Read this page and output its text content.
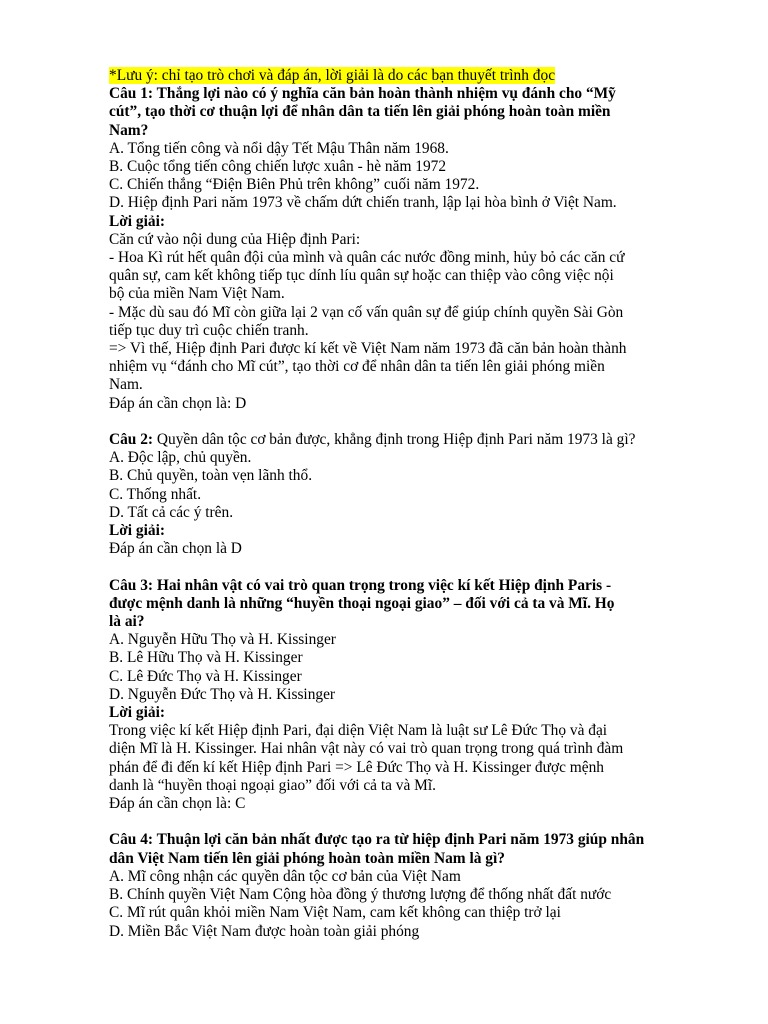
*Lưu ý: chỉ tạo trò chơi và đáp án, lời giải là do các bạn thuyết trình đọc
Câu 1: Thắng lợi nào có ý nghĩa căn bản hoàn thành nhiệm vụ đánh cho “Mỹ
cút”, tạo thời cơ thuận lợi để nhân dân ta tiến lên giải phóng hoàn toàn miền
Nam?
A. Tổng tiến công và nổi dậy Tết Mậu Thân năm 1968.
B. Cuộc tổng tiến công chiến lược xuân - hè năm 1972
C. Chiến thắng “Điện Biên Phủ trên không” cuối năm 1972.
D. Hiệp định Pari năm 1973 về chấm dứt chiến tranh, lập lại hòa bình ở Việt Nam.
Lời giải:
Căn cứ vào nội dung của Hiệp định Pari:
- Hoa Kì rút hết quân đội của mình và quân các nước đồng minh, hủy bỏ các căn cứ
quân sự, cam kết không tiếp tục dính líu quân sự hoặc can thiệp vào công việc nội
bộ của miền Nam Việt Nam.
- Mặc dù sau đó Mĩ còn giữa lại 2 vạn cố vấn quân sự để giúp chính quyền Sài Gòn
tiếp tục duy trì cuộc chiến tranh.
=> Vì thế, Hiệp định Pari được kí kết về Việt Nam năm 1973 đã căn bản hoàn thành
nhiệm vụ “đánh cho Mĩ cút”, tạo thời cơ để nhân dân ta tiến lên giải phóng miền
Nam.
Đáp án cần chọn là: D
Câu 2: Quyền dân tộc cơ bản được, khẳng định trong Hiệp định Pari năm 1973 là gì?
A. Độc lập, chủ quyền.
B. Chủ quyền, toàn vẹn lãnh thổ.
C. Thống nhất.
D. Tất cả các ý trên.
Lời giải:
Đáp án cần chọn là D
Câu 3: Hai nhân vật có vai trò quan trọng trong việc kí kết Hiệp định Paris -
được mệnh danh là những “huyền thoại ngoại giao” – đối với cả ta và Mĩ. Họ
là ai?
A. Nguyễn Hữu Thọ và H. Kissinger
B. Lê Hữu Thọ và H. Kissinger
C. Lê Đức Thọ và H. Kissinger
D. Nguyễn Đức Thọ và H. Kissinger
Lời giải:
Trong việc kí kết Hiệp định Pari, đại diện Việt Nam là luật sư Lê Đức Thọ và đại
diện Mĩ là H. Kissinger. Hai nhân vật này có vai trò quan trọng trong quá trình đàm
phán để đi đến kí kết Hiệp định Pari => Lê Đức Thọ và H. Kissinger được mệnh
danh là “huyền thoại ngoại giao” đối với cả ta và Mĩ.
Đáp án cần chọn là: C
Câu 4: Thuận lợi căn bản nhất được tạo ra từ hiệp định Pari năm 1973 giúp nhân
dân Việt Nam tiến lên giải phóng hoàn toàn miền Nam là gì?
A. Mĩ công nhận các quyền dân tộc cơ bản của Việt Nam
B. Chính quyền Việt Nam Cộng hòa đồng ý thương lượng để thống nhất đất nước
C. Mĩ rút quân khỏi miền Nam Việt Nam, cam kết không can thiệp trở lại
D. Miền Bắc Việt Nam được hoàn toàn giải phóng
